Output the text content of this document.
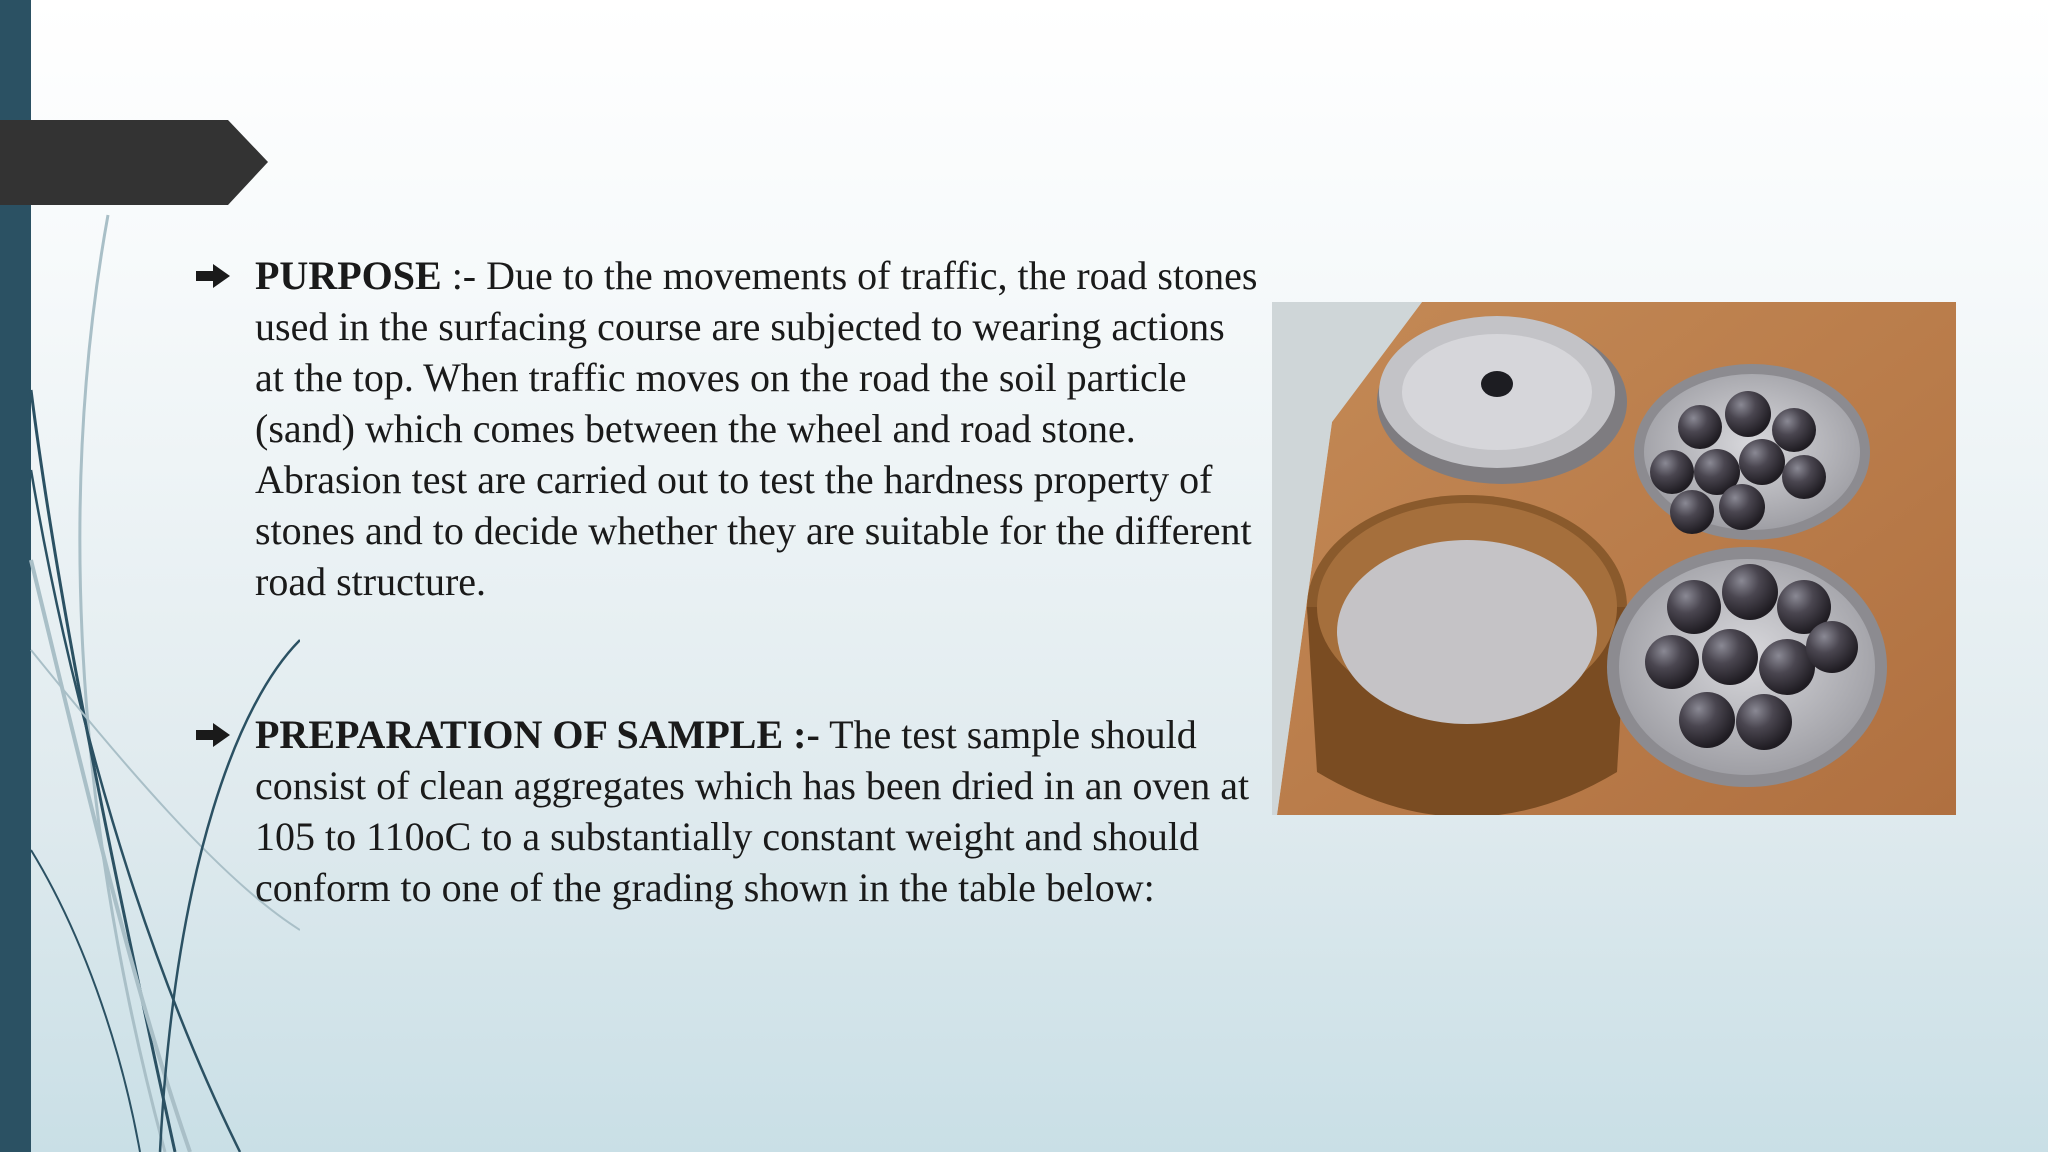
PURPOSE :- Due to the movements of traffic, the road stones used in the surfacing course are subjected to wearing actions at the top. When traffic moves on the road the soil particle (sand) which comes between the wheel and road stone. Abrasion test are carried out to test the hardness property of stones and to decide whether they are suitable for the different road structure.
PREPARATION OF SAMPLE :- The test sample should consist of clean aggregates which has been dried in an oven at 105 to 110oC to a substantially constant weight and should conform to one of the grading shown in the table below:
